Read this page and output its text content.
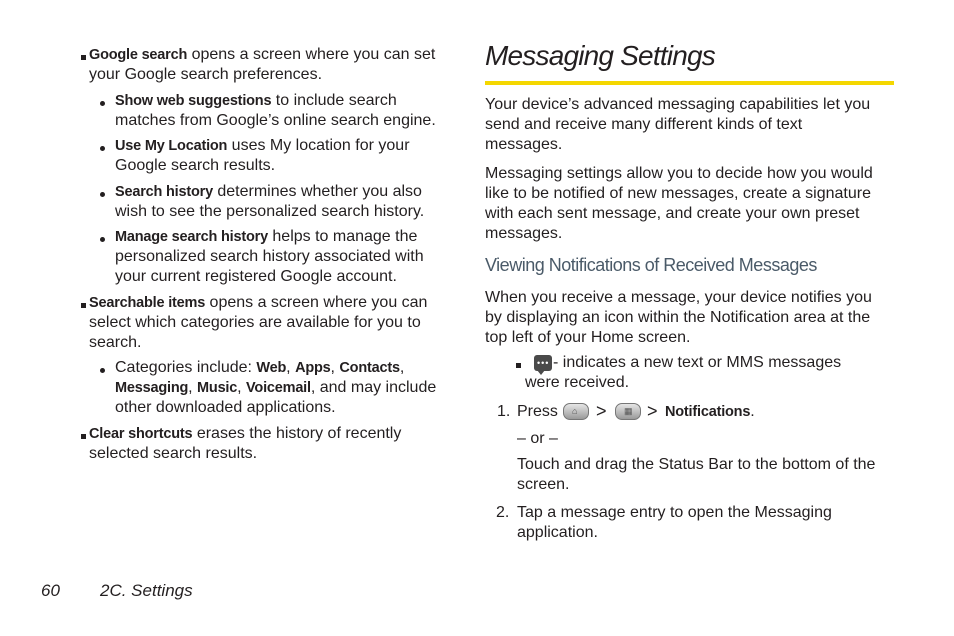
Google search opens a screen where you can set
your Google search preferences.
Show web suggestions to include search
matches from Google’s online search engine.
Use My Location uses My location for your
Google search results.
Search history determines whether you also
wish to see the personalized search history.
Manage search history helps to manage the
personalized search history associated with
your current registered Google account.
Searchable items opens a screen where you can
select which categories are available for you to
search.
Categories include: Web, Apps, Contacts,
Messaging, Music, Voicemail, and may include
other downloaded applications.
Clear shortcuts erases the history of recently
selected search results.
Messaging Settings
Your device’s advanced messaging capabilities let you
send and receive many different kinds of text
messages.
Messaging settings allow you to decide how you would
like to be notified of new messages, create a signature
with each sent message, and create your own preset
messages.
Viewing Notifications of Received Messages
When you receive a message, your device notifies you
by displaying an icon within the Notification area at the
top left of your Home screen.
••• - indicates a new text or MMS messages
were received.
1. Press ⌂ > ▦ > Notifications.
– or –
Touch and drag the Status Bar to the bottom of the
screen.
2. Tap a message entry to open the Messaging
application.
60 2C. Settings
